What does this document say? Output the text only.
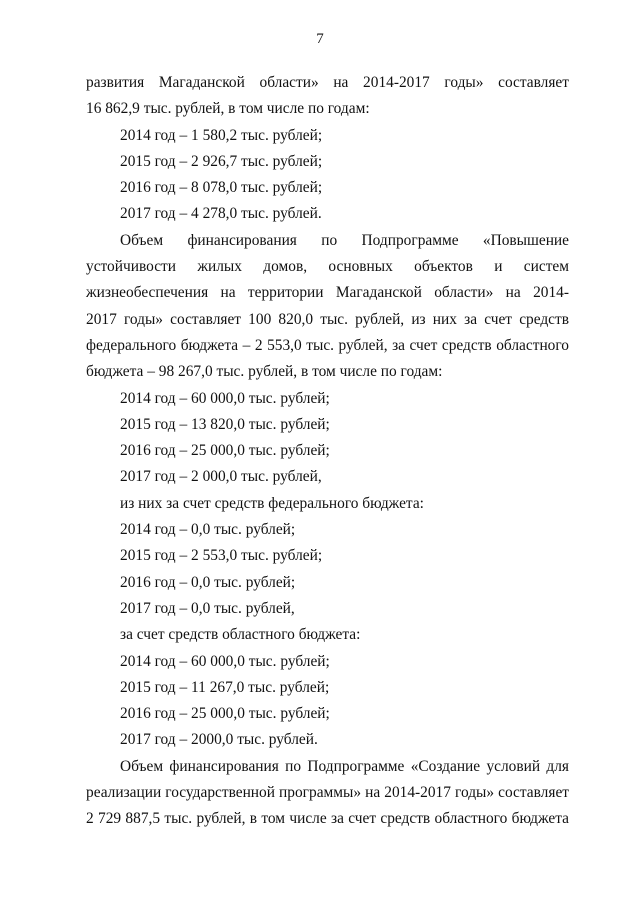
7
развития Магаданской области» на 2014-2017 годы» составляет
16 862,9 тыс. рублей, в том числе по годам:
2014 год – 1 580,2 тыс. рублей;
2015 год – 2 926,7 тыс. рублей;
2016 год – 8 078,0 тыс. рублей;
2017 год – 4 278,0 тыс. рублей.
Объем финансирования по Подпрограмме «Повышение
устойчивости жилых домов, основных объектов и систем
жизнеобеспечения на территории Магаданской области» на 2014-
2017 годы» составляет 100 820,0 тыс. рублей, из них за счет средств
федерального бюджета – 2 553,0 тыс. рублей, за счет средств областного
бюджета – 98 267,0 тыс. рублей, в том числе по годам:
2014 год – 60 000,0 тыс. рублей;
2015 год – 13 820,0 тыс. рублей;
2016 год – 25 000,0 тыс. рублей;
2017 год – 2 000,0 тыс. рублей,
из них за счет средств федерального бюджета:
2014 год – 0,0 тыс. рублей;
2015 год – 2 553,0 тыс. рублей;
2016 год – 0,0 тыс. рублей;
2017 год – 0,0 тыс. рублей,
за счет средств областного бюджета:
2014 год – 60 000,0 тыс. рублей;
2015 год – 11 267,0 тыс. рублей;
2016 год – 25 000,0 тыс. рублей;
2017 год – 2000,0 тыс. рублей.
Объем финансирования по Подпрограмме «Создание условий для
реализации государственной программы» на 2014-2017 годы» составляет
2 729 887,5 тыс. рублей, в том числе за счет средств областного бюджета
